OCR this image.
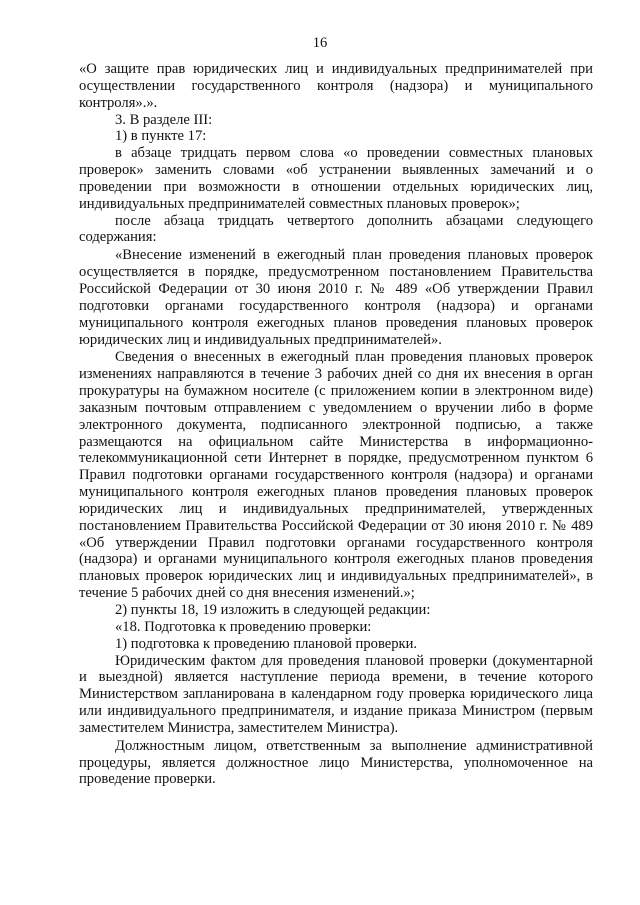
16

«О защите прав юридических лиц и индивидуальных предпринимателей при осуществлении государственного контроля (надзора) и муниципального контроля».».

3. В разделе III:

1) в пункте 17:

в абзаце тридцать первом слова «о проведении совместных плановых проверок» заменить словами «об устранении выявленных замечаний и о проведении при возможности в отношении отдельных юридических лиц, индивидуальных предпринимателей совместных плановых проверок»;

после абзаца тридцать четвертого дополнить абзацами следующего содержания:

«Внесение изменений в ежегодный план проведения плановых проверок осуществляется в порядке, предусмотренном постановлением Правительства Российской Федерации от 30 июня 2010 г. № 489 «Об утверждении Правил подготовки органами государственного контроля (надзора) и органами муниципального контроля ежегодных планов проведения плановых проверок юридических лиц и индивидуальных предпринимателей».

Сведения о внесенных в ежегодный план проведения плановых проверок изменениях направляются в течение 3 рабочих дней со дня их внесения в орган прокуратуры на бумажном носителе (с приложением копии в электронном виде) заказным почтовым отправлением с уведомлением о вручении либо в форме электронного документа, подписанного электронной подписью, а также размещаются на официальном сайте Министерства в информационно-телекоммуникационной сети Интернет в порядке, предусмотренном пунктом 6 Правил подготовки органами государственного контроля (надзора) и органами муниципального контроля ежегодных планов проведения плановых проверок юридических лиц и индивидуальных предпринимателей, утвержденных постановлением Правительства Российской Федерации от 30 июня 2010 г. № 489 «Об утверждении Правил подготовки органами государственного контроля (надзора) и органами муниципального контроля ежегодных планов проведения плановых проверок юридических лиц и индивидуальных предпринимателей», в течение 5 рабочих дней со дня внесения изменений.»;

2) пункты 18, 19 изложить в следующей редакции:

«18. Подготовка к проведению проверки:

1) подготовка к проведению плановой проверки.

Юридическим фактом для проведения плановой проверки (документарной и выездной) является наступление периода времени, в течение которого Министерством запланирована в календарном году проверка юридического лица или индивидуального предпринимателя, и издание приказа Министром (первым заместителем Министра, заместителем Министра).

Должностным лицом, ответственным за выполнение административной процедуры, является должностное лицо Министерства, уполномоченное на проведение проверки.
